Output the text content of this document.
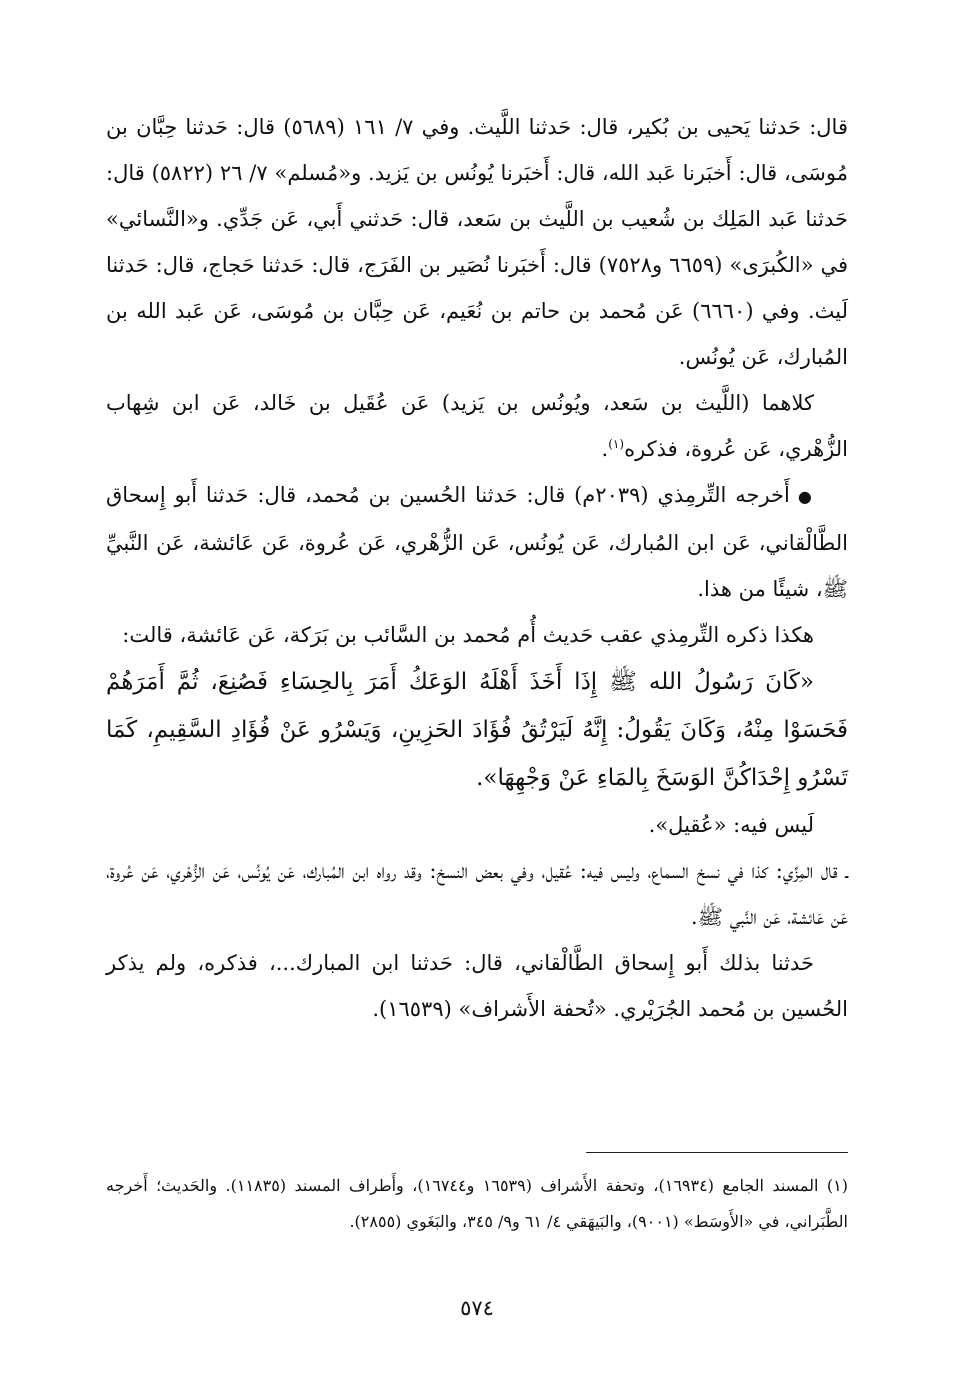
قال: حَدثنا يَحيى بن بُكير، قال: حَدثنا اللَّيث. وفي ٧/ ١٦١ (٥٦٨٩) قال: حَدثنا حِبَّان بن مُوسَى، قال: أَخبَرنا عَبد الله، قال: أَخبَرنا يُونُس بن يَزيد. و«مُسلم» ٧/ ٢٦ (٥٨٢٢) قال: حَدثنا عَبد المَلِك بن شُعيب بن اللَّيث بن سَعد، قال: حَدثني أَبي، عَن جَدِّي. و«النَّسائي» في «الكُبرَى» (٦٦٥٩ و٧٥٢٨) قال: أَخبَرنا نُصَير بن الفَرَج، قال: حَدثنا حَجاج، قال: حَدثنا لَيث. وفي (٦٦٦٠) عَن مُحمد بن حاتم بن نُعَيم، عَن حِبَّان بن مُوسَى، عَن عَبد الله بن المُبارك، عَن يُونُس.

كلاهما (اللَّيث بن سَعد، ويُونُس بن يَزيد) عَن عُقَيل بن خَالد، عَن ابن شِهاب الزُّهْري، عَن عُروة، فذكره$^{(١)}$.

●أَخرجه التِّرمِذي (٢٠٣٩م) قال: حَدثنا الحُسين بن مُحمد، قال: حَدثنا أَبو إِسحاق الطَّالْقاني، عَن ابن المُبارك، عَن يُونُس، عَن الزُّهْري، عَن عُروة، عَن عَائشة، عَن النَّبيِّ ﷺ، شيئًا من هذا.

هكذا ذكره التِّرمِذي عقب حَديث أُم مُحمد بن السَّائب بن بَرَكة، عَن عَائشة، قالت:

«كَانَ رَسُولُ الله ﷺ إِذَا أَخَذَ أَهْلَهُ الوَعَكُ أَمَرَ بِالحِسَاءِ فَصُنِعَ، ثُمَّ أَمَرَهُمْ فَحَسَوْا مِنْهُ، وَكَانَ يَقُولُ: إِنَّهُ لَيَرْتُقُ فُؤَادَ الحَزِينِ، وَيَسْرُو عَنْ فُؤَادِ السَّقِيمِ، كَمَا تَسْرُو إِحْدَاكُنَّ الوَسَخَ بِالمَاءِ عَنْ وَجْهِهَا».

لَيس فيه: «عُقيل».

ـ قال المِزِّي: كذا في نسخ السماع، وليس فيه: عُقيل، وفي بعض النسخ: وقد رواه ابن المُبارك، عَن يُونُس، عَن الزُّهْري، عَن عُروة، عَن عَائشة، عَن النَّبي ﷺ.

حَدثنا بذلك أَبو إِسحاق الطَّالْقاني، قال: حَدثنا ابن المبارك...، فذكره، ولم يذكر الحُسين بن مُحمد الجُرَيْري. «تُحفة الأَشراف» (١٦٥٣٩).

(١) المسند الجامع (١٦٩٣٤)، وتحفة الأَشراف (١٦٥٣٩ و١٦٧٤٤)، وأَطراف المسند (١١٨٣٥). والحَديث؛ أَخرجه الطَّبَراني، في «الأَوسَط» (٩٠٠١)، والبَيهَقي ٤/ ٦١ و٩/ ٣٤٥، والبَغَوي (٢٨٥٥).

٥٧٤
